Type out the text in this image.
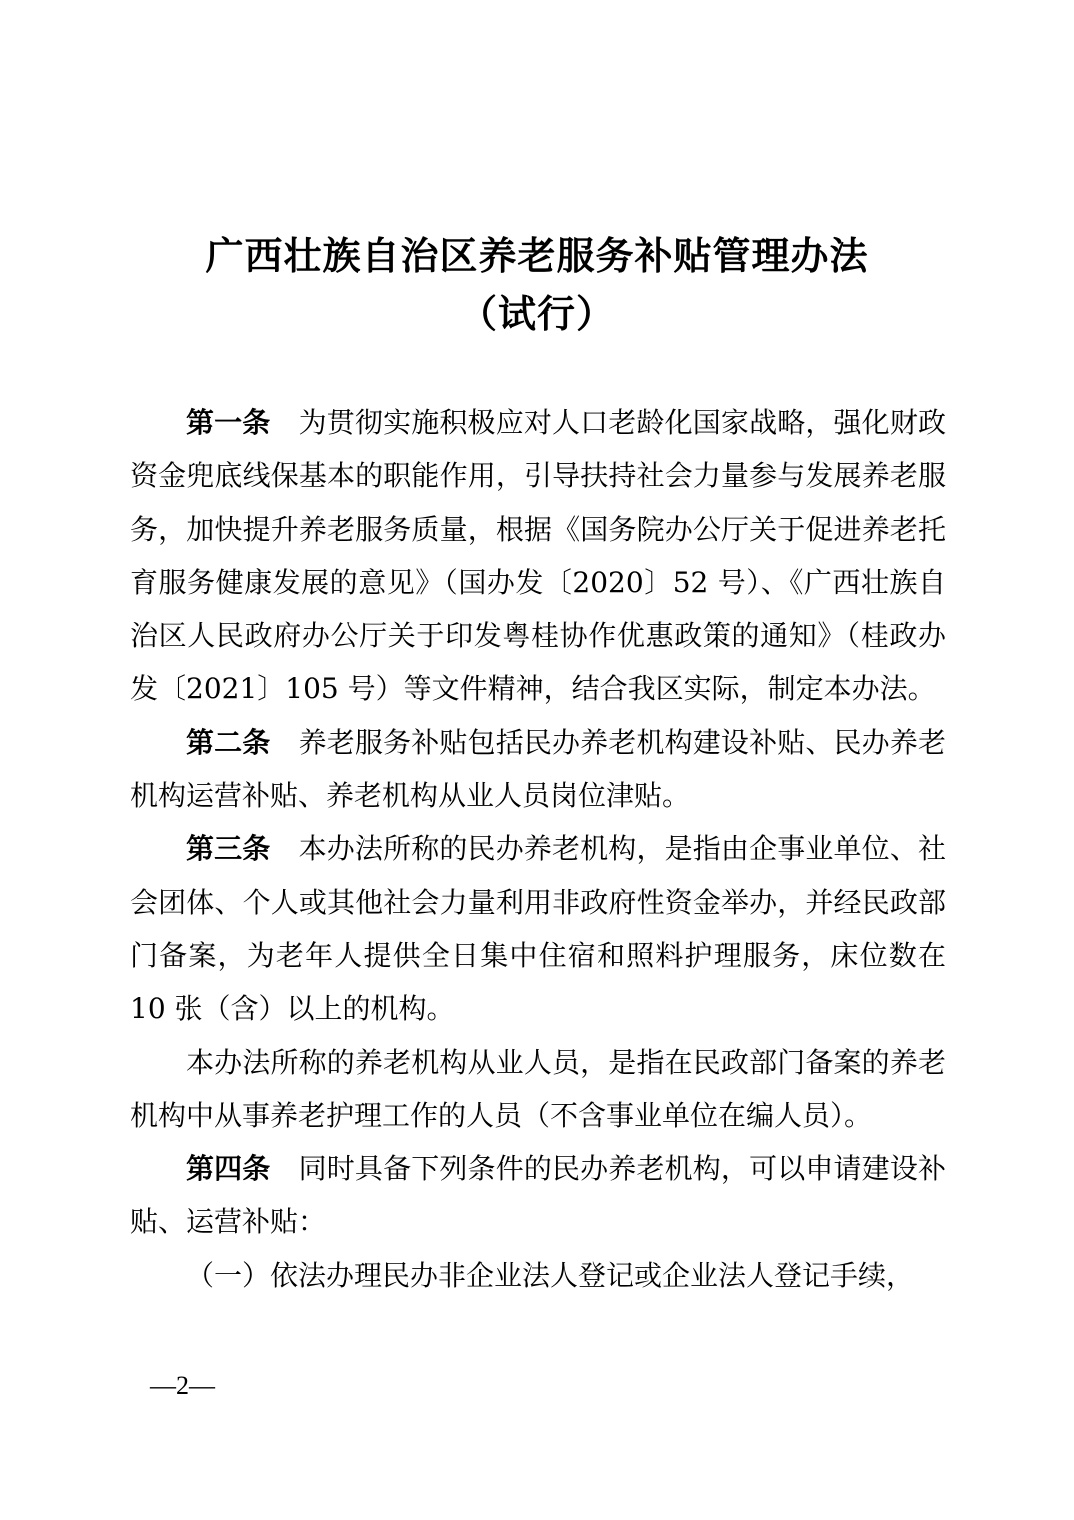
广西壮族自治区养老服务补贴管理办法
（试行）

第一条 为贯彻实施积极应对人口老龄化国家战略，强化财政资金兜底线保基本的职能作用，引导扶持社会力量参与发展养老服务，加快提升养老服务质量，根据《国务院办公厅关于促进养老托育服务健康发展的意见》（国办发〔2020〕52 号）、《广西壮族自治区人民政府办公厅关于印发粤桂协作优惠政策的通知》（桂政办发〔2021〕105 号）等文件精神，结合我区实际，制定本办法。

第二条 养老服务补贴包括民办养老机构建设补贴、民办养老机构运营补贴、养老机构从业人员岗位津贴。

第三条 本办法所称的民办养老机构，是指由企事业单位、社会团体、个人或其他社会力量利用非政府性资金举办，并经民政部门备案，为老年人提供全日集中住宿和照料护理服务，床位数在 10 张（含）以上的机构。

本办法所称的养老机构从业人员，是指在民政部门备案的养老机构中从事养老护理工作的人员（不含事业单位在编人员）。

第四条 同时具备下列条件的民办养老机构，可以申请建设补贴、运营补贴：

（一）依法办理民办非企业法人登记或企业法人登记手续，

—2—
